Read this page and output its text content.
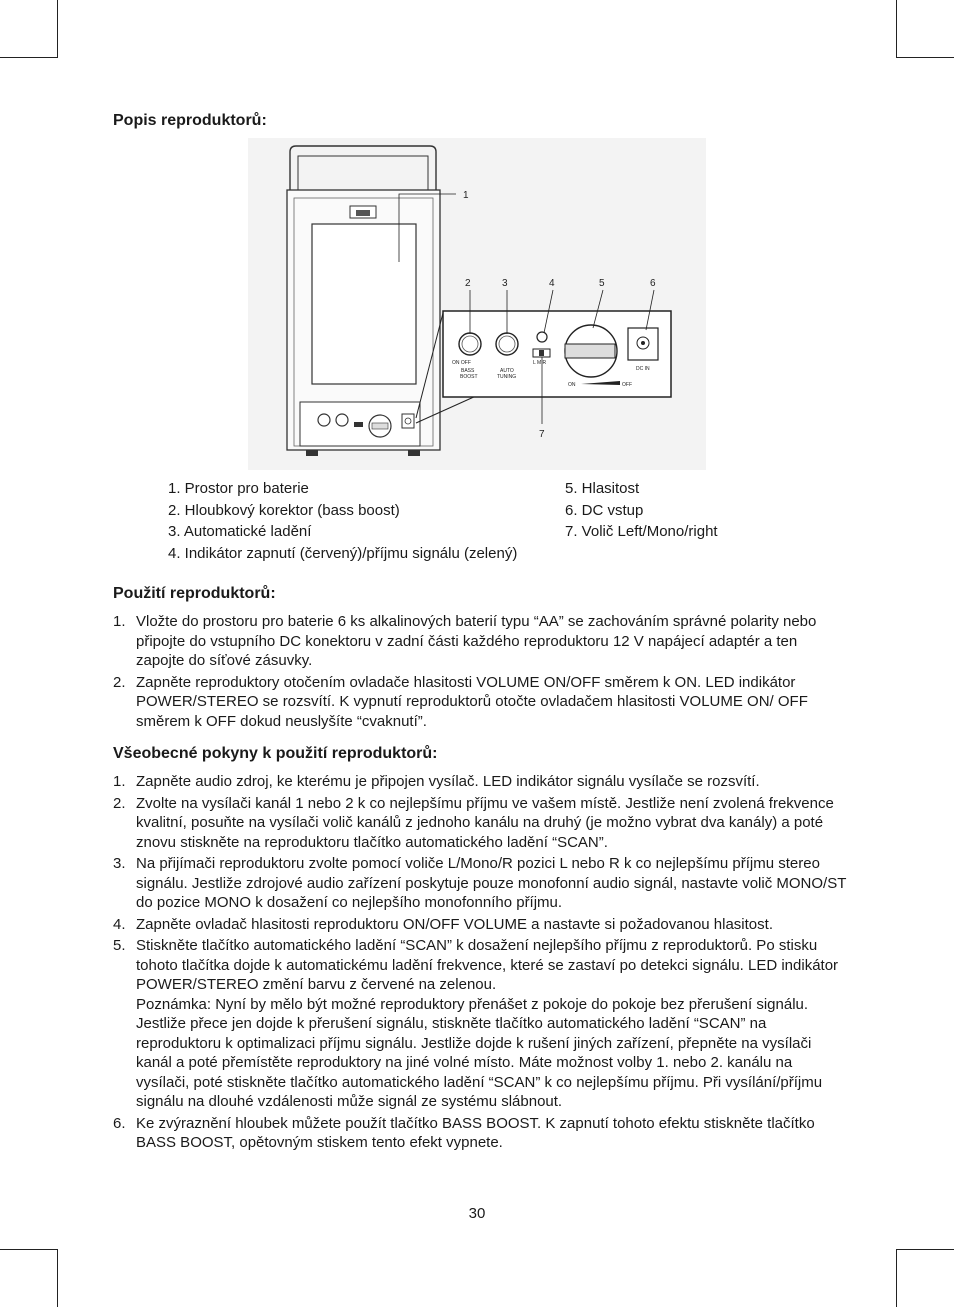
Popis reproduktorů:
ON OFF
BASS
BOOST
AUTO
TUNING
L M R
DC IN
ON	OFF
1
2	3	4	5	6
7
1. Prostor pro baterie
2. Hloubkový korektor (bass boost)
3. Automatické ladění
4. Indikátor zapnutí (červený)/příjmu signálu (zelený)
5. Hlasitost
6. DC vstup
7. Volič Left/Mono/right
Použití reproduktorů:
1. Vložte do prostoru pro baterie 6 ks alkalinových baterií typu “AA” se zachováním správné polarity nebo připojte do vstupního DC konektoru v zadní části každého reproduktoru 12 V napájecí adaptér a ten zapojte do síťové zásuvky.
2. Zapněte reproduktory otočením ovladače hlasitosti VOLUME ON/OFF směrem k ON. LED indikátor POWER/STEREO se rozsvítí. K vypnutí reproduktorů otočte ovladačem hlasitosti VOLUME ON/ OFF směrem k OFF dokud neuslyšíte “cvaknutí”.
Všeobecné pokyny k použití reproduktorů:
1. Zapněte audio zdroj, ke kterému je připojen vysílač. LED indikátor signálu vysílače se rozsvítí.
2. Zvolte na vysílači kanál 1 nebo 2 k co nejlepšímu příjmu ve vašem místě. Jestliže není zvolená frekvence kvalitní, posuňte na vysílači volič kanálů z jednoho kanálu na druhý (je možno vybrat dva kanály) a poté znovu stiskněte na reproduktoru tlačítko automatického ladění “SCAN”.
3. Na přijímači reproduktoru zvolte pomocí voliče L/Mono/R pozici L nebo R k co nejlepšímu příjmu stereo signálu. Jestliže zdrojové audio zařízení poskytuje pouze monofonní audio signál, nastavte volič MONO/ST do pozice MONO k dosažení co nejlepšího monofonního příjmu.
4. Zapněte ovladač hlasitosti reproduktoru ON/OFF VOLUME a nastavte si požadovanou hlasitost.
5. Stiskněte tlačítko automatického ladění “SCAN” k dosažení nejlepšího příjmu z reproduktorů. Po stisku tohoto tlačítka dojde k automatickému ladění frekvence, které se zastaví po detekci signálu. LED indikátor POWER/STEREO změní barvu z červené na zelenou.
Poznámka: Nyní by mělo být možné reproduktory přenášet z pokoje do pokoje bez přerušení signálu. Jestliže přece jen dojde k přerušení signálu, stiskněte tlačítko automatického ladění “SCAN” na reproduktoru k optimalizaci příjmu signálu. Jestliže dojde k rušení jiných zařízení, přepněte na vysílači kanál a poté přemístěte reproduktory na jiné volné místo. Máte možnost volby 1. nebo 2. kanálu na vysílači, poté stiskněte tlačítko automatického ladění “SCAN” k co nejlepšímu příjmu. Při vysílání/příjmu signálu na dlouhé vzdálenosti může signál ze systému slábnout.
6. Ke zvýraznění hloubek můžete použít tlačítko BASS BOOST. K zapnutí tohoto efektu stiskněte tlačítko BASS BOOST, opětovným stiskem tento efekt vypnete.
30
